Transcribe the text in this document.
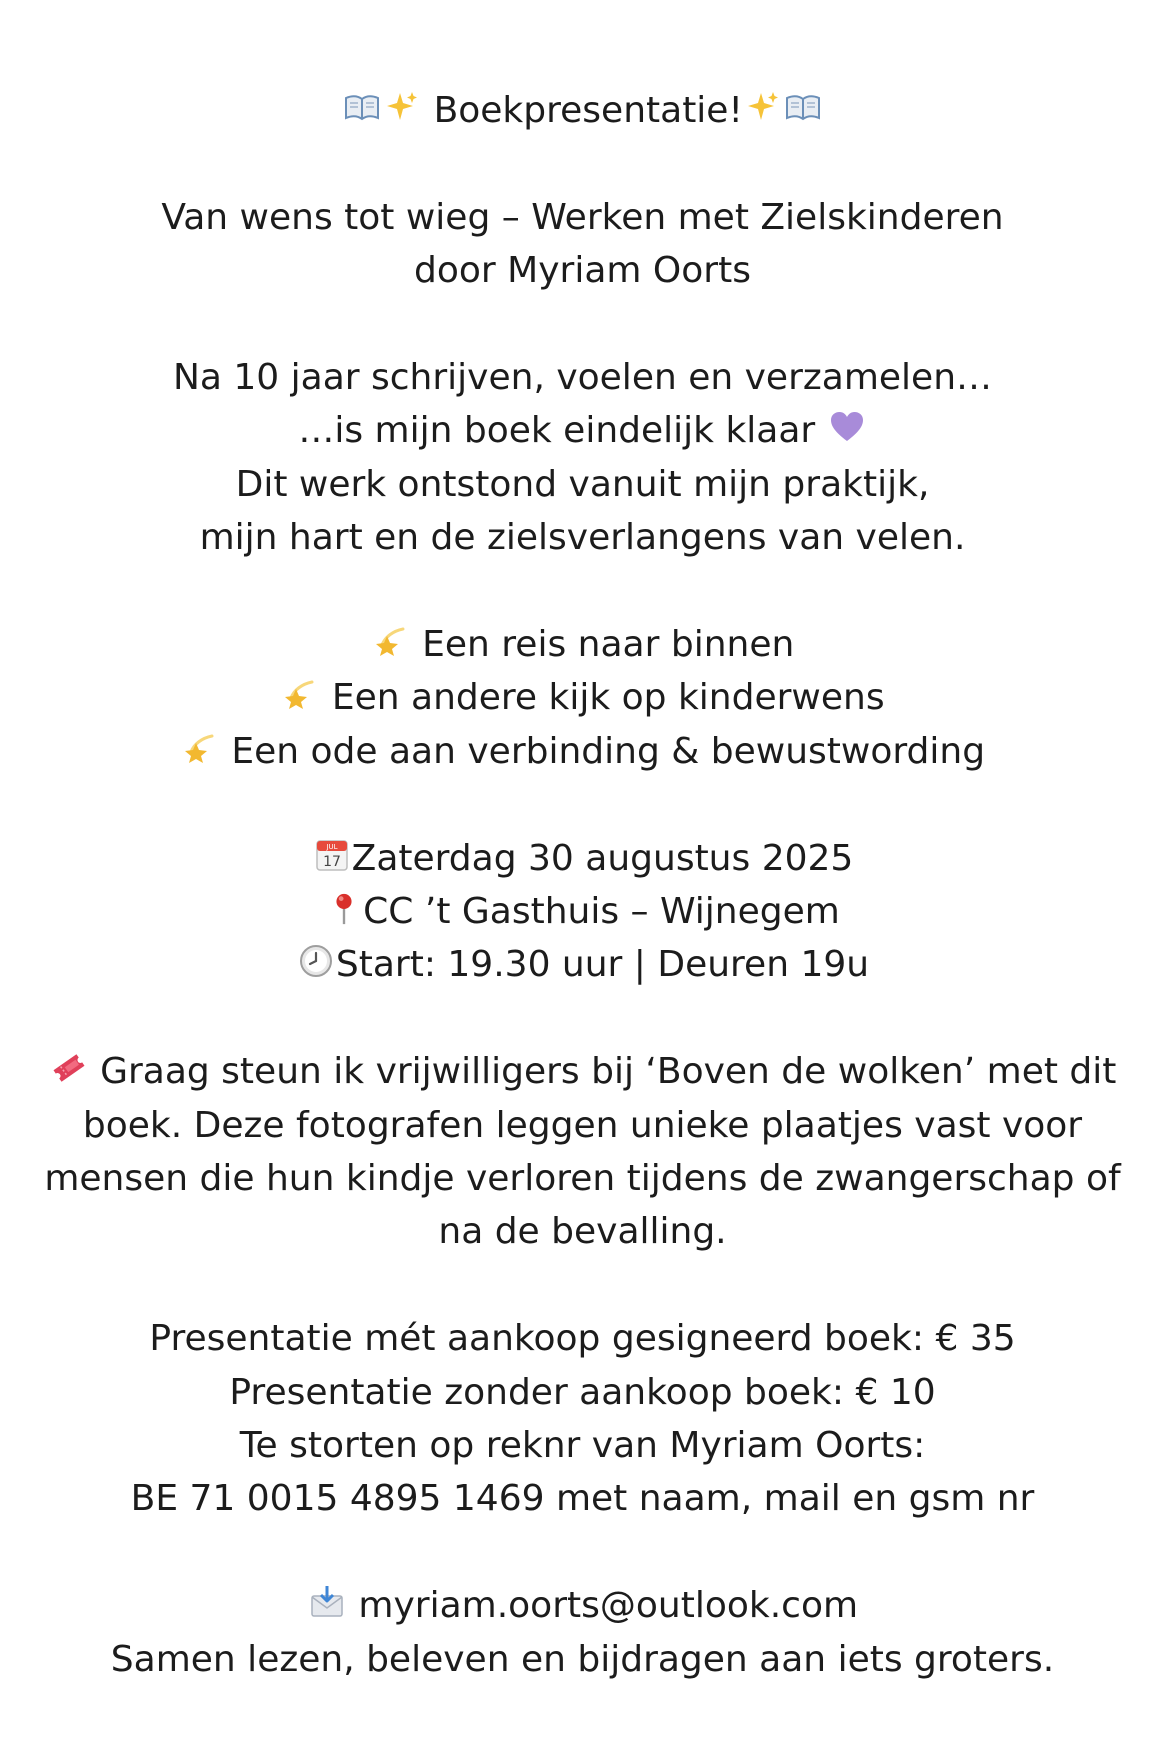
Boekpresentatie!
Van wens tot wieg – Werken met Zielskinderen
door Myriam Oorts
Na 10 jaar schrijven, voelen en verzamelen…
…is mijn boek eindelijk klaar
Dit werk ontstond vanuit mijn praktijk,
mijn hart en de zielsverlangens van velen.
Een reis naar binnen
Een andere kijk op kinderwens
Een ode aan verbinding & bewustwording
JUL
17 Zaterdag 30 augustus 2025
CC ’t Gasthuis – Wijnegem
Start: 19.30 uur | Deuren 19u
Graag steun ik vrijwilligers bij ‘Boven de wolken’ met dit boek. Deze fotografen leggen unieke plaatjes vast voor mensen die hun kindje verloren tijdens de zwangerschap of na de bevalling.
Presentatie mét aankoop gesigneerd boek: € 35
Presentatie zonder aankoop boek: € 10
Te storten op reknr van Myriam Oorts:
BE 71 0015 4895 1469 met naam, mail en gsm nr
myriam.oorts@outlook.com
Samen lezen, beleven en bijdragen aan iets groters.
